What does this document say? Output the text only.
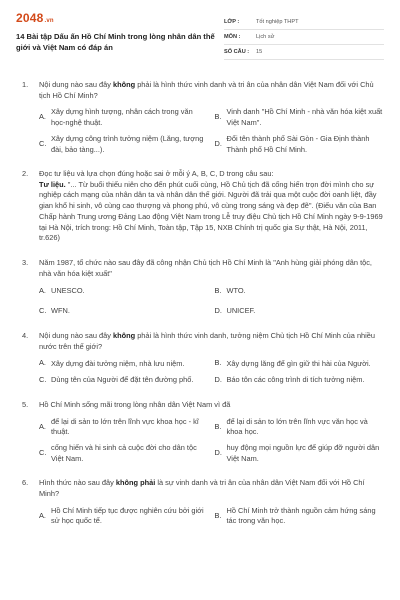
2048.vn
14 Bài tập Dấu ấn Hồ Chí Minh trong lòng nhân dân thế giới và Việt Nam có đáp án
LỚP :	Tốt nghiệp THPT
MÔN :	Lịch sử
SỐ CÂU :	15
1.	Nội dung nào sau đây không phải là hình thức vinh danh và tri ân của nhân dân Việt Nam đối với Chủ tịch Hồ Chí Minh?
A.
Xây dựng hình tượng, nhân cách trong văn học-nghệ thuật.
B.
Vinh danh "Hồ Chí Minh - nhà văn hóa kiệt xuất Việt Nam".
C.
Xây dựng công trình tưởng niệm (Lăng, tượng đài, bảo tàng...).
D.
Đổi tên thành phố Sài Gòn - Gia Định thành Thành phố Hồ Chí Minh.
2.	Đọc tư liệu và lựa chọn đúng hoặc sai ở mỗi ý A, B, C, D trong câu sau:
Tư liệu. "... Từ buổi thiếu niên cho đến phút cuối cùng, Hồ Chủ tịch đã cống hiến trọn đời mình cho sự nghiệp cách mạng của nhân dân ta và nhân dân thế giới. Người đã trải qua một cuộc đời oanh liệt, đầy gian khổ hi sinh, vô cùng cao thượng và phong phú, vô cùng trong sáng và đẹp đẽ". (Điếu văn của Ban Chấp hành Trung ương Đảng Lao động Việt Nam trong Lễ truy điệu Chủ tịch Hồ Chí Minh ngày 9-9-1969 tại Hà Nội, trích trong: Hồ Chí Minh, Toàn tập, Tập 15, NXB Chính trị quốc gia Sự thật, Hà Nội, 2011, tr.626)
3.	Năm 1987, tổ chức nào sau đây đã công nhận Chủ tịch Hồ Chí Minh là "Anh hùng giải phóng dân tộc, nhà văn hóa kiệt xuất"
A. UNESCO.	B. WTO.
C. WFN.	D. UNICEF.
4.	Nội dung nào sau đây không phải là hình thức vinh danh, tưởng niệm Chủ tịch Hồ Chí Minh của nhiều nước trên thế giới?
A. Xây dựng đài tưởng niệm, nhà lưu niệm.	B. Xây dựng lăng để gìn giữ thi hài của Người.
C. Dùng tên của Người để đặt tên đường phố.	D. Báo tôn các công trình di tích tưởng niệm.
5.	Hồ Chí Minh sống mãi trong lòng nhân dân Việt Nam vì đã
A.
để lại di sản to lớn trên lĩnh vực khoa học - kĩ thuật.
B.
để lại di sản to lớn trên lĩnh vực văn học và khoa học.
C.
cống hiến và hi sinh cả cuộc đời cho dân tộc Việt Nam.
D.
huy động mọi nguồn lực để giúp đỡ người dân Việt Nam.
6.	Hình thức nào sau đây không phải là sự vinh danh và tri ân của nhân dân Việt Nam đối với Hồ Chí Minh?
A.
Hồ Chí Minh tiếp tục được nghiên cứu bởi giới sử học quốc tế.
B.
Hồ Chí Minh trở thành nguồn cảm hứng sáng tác trong văn học.
